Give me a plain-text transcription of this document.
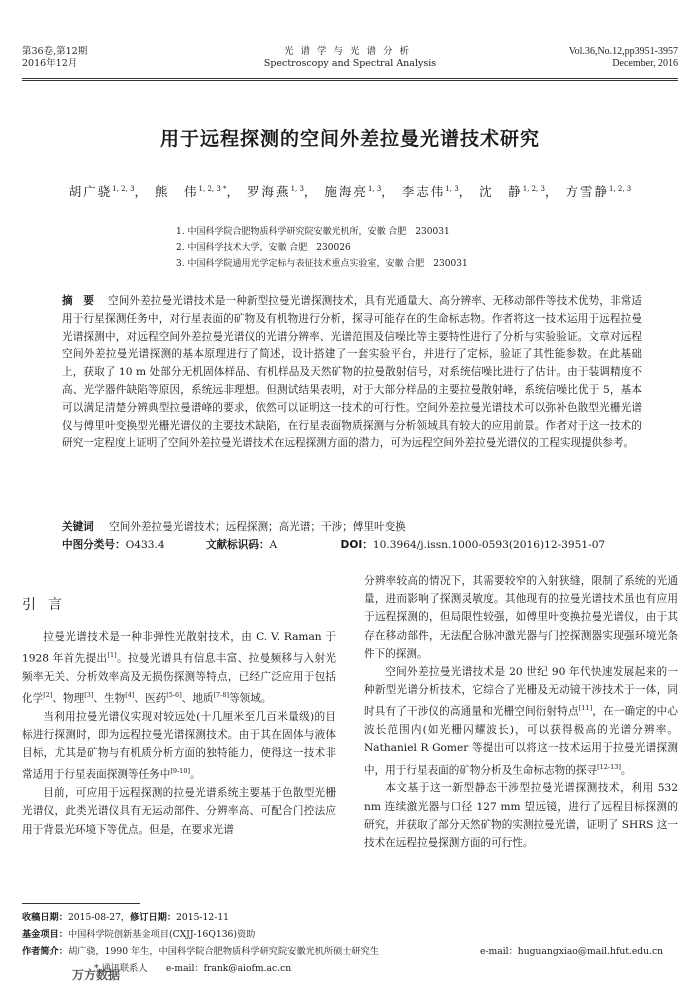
第36卷,第12期
2016年12月
光谱学与光谱分析
Spectroscopy and Spectral Analysis
Vol.36,No.12,pp3951-3957
December, 2016
用于远程探测的空间外差拉曼光谱技术研究
胡广骁$^{1, 2, 3}$， 熊　伟$^{1, 2, 3 *}$， 罗海燕$^{1, 3}$， 施海亮$^{1, 3}$， 李志伟$^{1, 3}$， 沈　静$^{1, 2, 3}$， 方雪静$^{1, 2, 3}$
1. 中国科学院合肥物质科学研究院安徽光机所，安徽 合肥　230031
2. 中国科学技术大学，安徽 合肥　230026
3. 中国科学院通用光学定标与表征技术重点实验室，安徽 合肥　230031
摘　要 空间外差拉曼光谱技术是一种新型拉曼光谱探测技术，具有光通量大、高分辨率、无移动部件等技术优势，非常适用于行星探测任务中，对行星表面的矿物及有机物进行分析，探寻可能存在的生命标志物。作者将这一技术运用于远程拉曼光谱探测中，对远程空间外差拉曼光谱仪的光谱分辨率、光谱范围及信噪比等主要特性进行了分析与实验验证。文章对远程空间外差拉曼光谱探测的基本原理进行了简述，设计搭建了一套实验平台，并进行了定标，验证了其性能参数。在此基础上，获取了 10 m 处部分无机固体样品、有机样品及天然矿物的拉曼散射信号，对系统信噪比进行了估计。由于装调精度不高、光学器件缺陷等原因，系统远非理想。但测试结果表明，对于大部分样品的主要拉曼散射峰，系统信噪比优于 5，基本可以满足清楚分辨典型拉曼谱峰的要求，依然可以证明这一技术的可行性。空间外差拉曼光谱技术可以弥补色散型光栅光谱仪与傅里叶变换型光栅光谱仪的主要技术缺陷，在行星表面物质探测与分析领域具有较大的应用前景。作者对于这一技术的研究一定程度上证明了空间外差拉曼光谱技术在远程探测方面的潜力，可为远程空间外差拉曼光谱仪的工程实现提供参考。
关键词 空间外差拉曼光谱技术；远程探测；高光谱；干涉；傅里叶变换
中图分类号：O433.4	文献标识码：A	DOI：10.3964/j.issn.1000-0593(2016)12-3951-07
引言

拉曼光谱技术是一种非弹性光散射技术，由 C. V. Raman 于 1928 年首先提出[1]。拉曼光谱具有信息丰富、拉曼频移与入射光频率无关、分析效率高及无损伤探测等特点，已经广泛应用于包括化学[2]、物理[3]、生物[4]、医药[5-6]、地质[7-8]等领域。

当利用拉曼光谱仪实现对较远处(十几厘米至几百米量级)的目标进行探测时，即为远程拉曼光谱探测技术。由于其在固体与液体目标，尤其是矿物与有机质分析方面的独特能力，使得这一技术非常适用于行星表面探测等任务中[9-10]。

目前，可应用于远程探测的拉曼光谱系统主要基于色散型光栅光谱仪，此类光谱仪具有无运动部件、分辨率高、可配合门控法应用于背景光环境下等优点。但是，在要求光谱

分辨率较高的情况下，其需要较窄的入射狭缝，限制了系统的光通量，进而影响了探测灵敏度。其他现有的拉曼光谱技术虽也有应用于远程探测的，但局限性较强，如傅里叶变换拉曼光谱仪，由于其存在移动部件，无法配合脉冲激光器与门控探测器实现强环境光条件下的探测。

空间外差拉曼光谱技术是 20 世纪 90 年代快速发展起来的一种新型光谱分析技术，它综合了光栅及无动镜干涉技术于一体，同时具有了干涉仪的高通量和光栅空间衍射特点[11]，在一确定的中心波长范围内(如光栅闪耀波长)，可以获得极高的光谱分辨率。Nathaniel R Gomer 等提出可以将这一技术运用于拉曼光谱探测中，用于行星表面的矿物分析及生命标志物的探寻[12-13]。

本文基于这一新型静态干涉型拉曼光谱探测技术，利用 532 nm 连续激光器与口径 127 mm 望远镜，进行了远程目标探测的研究，并获取了部分天然矿物的实测拉曼光谱，证明了 SHRS 这一技术在远程拉曼探测方面的可行性。

收稿日期：2015-08-27，修订日期：2015-12-11
基金项目：中国科学院创新基金项目(CXJJ-16Q136)资助
作者简介：胡广骁，1990 年生，中国科学院合肥物质科学研究院安徽光机所硕士研究生	e-mail：huguangxiao@mail.hfut.edu.cn
* 通讯联系人　　e-mail：frank@aiofm.ac.cn
万方数据
